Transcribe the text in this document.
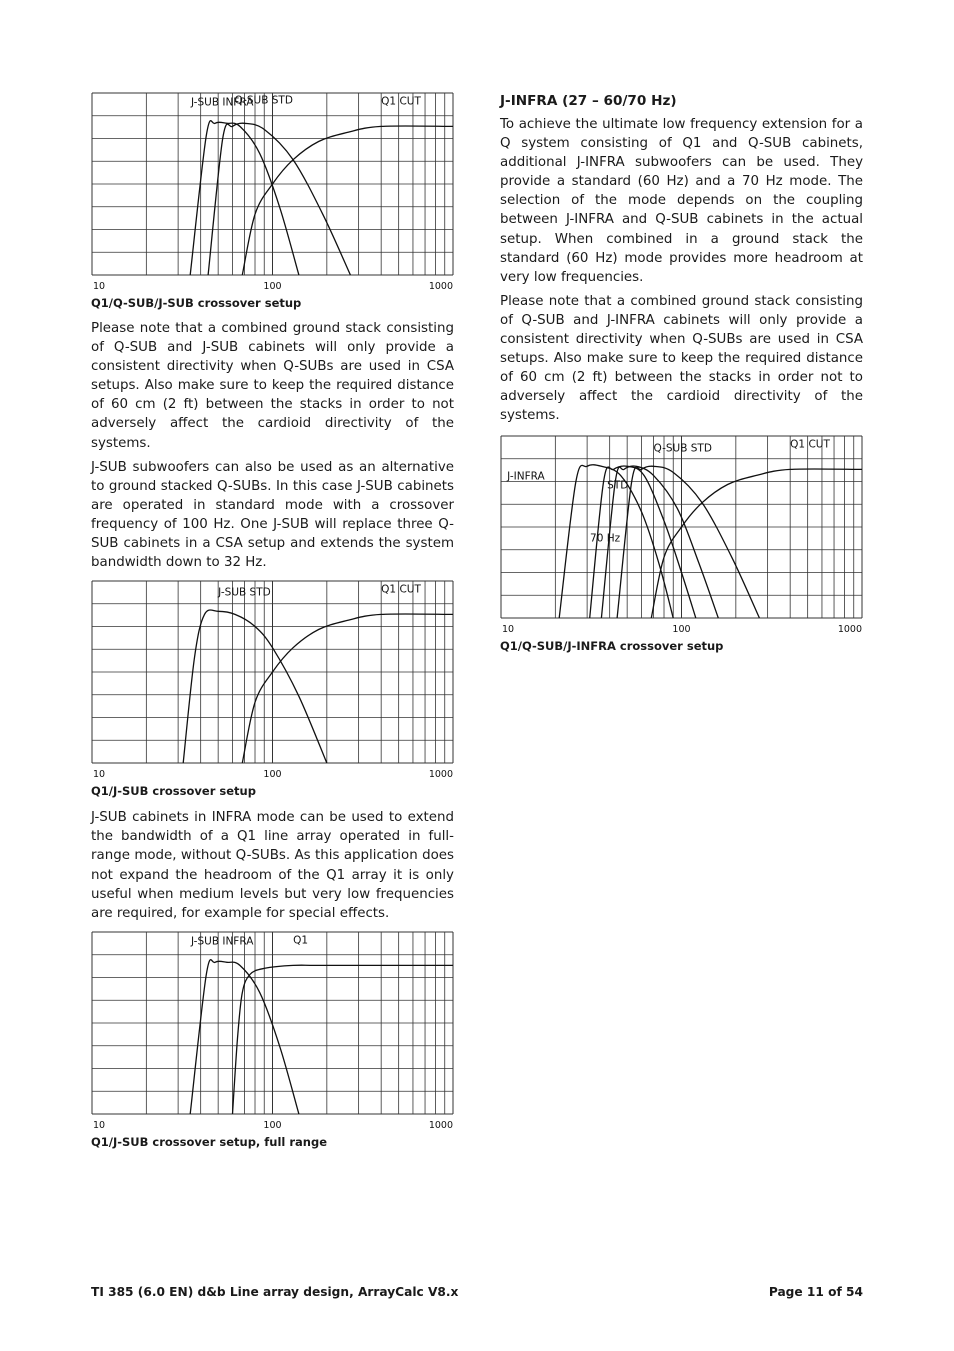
J-SUB INFRA
Q-SUB STD	Q1 CUT
10	100	1000
Q1/Q-SUB/J-SUB crossover setup

Please note that a combined ground stack consisting of Q-SUB and J-SUB cabinets will only provide a consistent directivity when Q-SUBs are used in CSA setups. Also make sure to keep the required distance of 60 cm (2 ft) between the stacks in order to not adversely affect the cardioid directivity of the systems.

J-SUB subwoofers can also be used as an alternative to ground stacked Q-SUBs. In this case J-SUB cabinets are operated in standard mode with a crossover frequency of 100 Hz. One J-SUB will replace three Q-SUB cabinets in a CSA setup and extends the system bandwidth down to 32 Hz.

J-SUB STD	Q1 CUT
10	100	1000
Q1/J-SUB crossover setup

J-SUB cabinets in INFRA mode can be used to extend the bandwidth of a Q1 line array operated in full-range mode, without Q-SUBs. As this application does not expand the headroom of the Q1 array it is only useful when medium levels but very low frequencies are required, for example for special effects.

J-SUB INFRA	Q1
10	100	1000
Q1/J-SUB crossover setup, full range
J-INFRA (27 – 60/70 Hz)

To achieve the ultimate low frequency extension for a Q system consisting of Q1 and Q-SUB cabinets, additional J-INFRA subwoofers can be used. They provide a standard (60 Hz) and a 70 Hz mode. The selection of the mode depends on the coupling between J-INFRA and Q-SUB cabinets in the actual setup. When combined in a ground stack the standard (60 Hz) mode provides more headroom at very low frequencies.

Please note that a combined ground stack consisting of Q-SUB and J-INFRA cabinets will only provide a consistent directivity when Q-SUBs are used in CSA setups. Also make sure to keep the required distance of 60 cm (2 ft) between the stacks in order not to adversely affect the cardioid directivity of the systems.

J-INFRA
STD
70 Hz
Q-SUB STD	Q1 CUT
10	100	1000
Q1/Q-SUB/J-INFRA crossover setup
TI 385 (6.0 EN) d&b Line array design, ArrayCalc V8.x	Page 11 of 54
